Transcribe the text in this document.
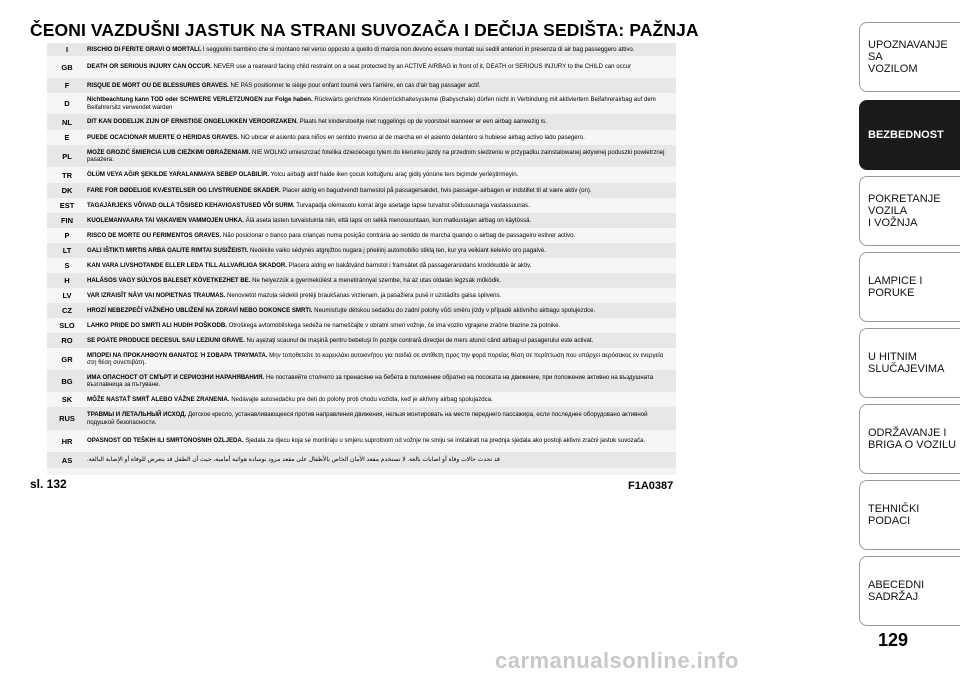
ČEONI VAZDUŠNI JASTUK NA STRANI SUVOZAČA I DEČIJA SEDIŠTA: PAŽNJA
I	RISCHIO DI FERITE GRAVI O MORTALI. I seggiolini bambino che si montano nel verso opposto a quello di marcia non devono essere montati sui sedili anteriori in presenza di air bag passeggero attivo.
GB	DEATH OR SERIOUS INJURY CAN OCCUR. NEVER use a rearward facing child restraint on a seat protected by an ACTIVE AIRBAG in front of it, DEATH or SERIOUS INJURY to the CHILD can occur
F	RISQUE DE MORT OU DE BLESSURES GRAVES. NE PAS positionner le siège pour enfant tourné vers l'arrière, en cas d'air bag passager actif.
D	Nichtbeachtung kann TOD oder SCHWERE VERLETZUNGEN zur Folge haben. Rückwärts gerichtete Kinderrückhaltesysteme (Babyschale) dürfen nicht in Verbindung mit aktiviertem Beifahrerairbag auf dem Beifahrersitz verwendet warden
NL	DIT KAN DODELIJK ZIJN OF ERNSTIGE ONGELUKKEN VEROORZAKEN. Plaats het kinderstoeltje niet ruggelings op de voorstoel wanneer er een airbag aanwezig is.
E	PUEDE OCACIONAR MUERTE O HERIDAS GRAVES. NO ubicar el asiento para niños en sentido inverso al de marcha en el asiento delantero si hubiese airbag activo lado pasegero.
PL	MOŻE GROZIĆ ŚMIERCIA LUB CIEŻKIMI OBRAŻENIAMI. NIE WOLNO umieszczać fotelika dzieciecego tylem do kierunku jazdy na przednim siedzeniu w przypadku zainstalowanej aktywnej poduszki powietrznej pasażera.
TR	ÖLÜM VEYA AĞIR ŞEKILDE YARALANMAYA SEBEP OLABILİR. Yolcu airbaği aktif halde iken çocuk koltuğunu araç gidiş yönüne ters biçimde yerleştirmeyin.
DK	FARE FOR DØDELIGE KVÆSTELSER OG LIVSTRUENDE SKADER. Placer aldrig en bagudvendt barnestol på passagersædet, hvis passager-airbagen er indstillet til at være aktiv (on).
EST	TAGAJÄRJEKS VÕIVAD OLLA TÕSISED KEHAVIGASTUSED VÕI SURM. Turvapadja olemasolu korral ärge asetage lapse turvatist sõidusuunaga vastassuunas.
FIN	KUOLEMANVAARA TAI VAKAVIEN VAMMOJEN UHKA. Älä aseta lasten turvaistuinta niin, että lapsi on selkä menosuuntaan, kun matkustajan airbag on käytössä.
P	RISCO DE MORTE OU FERIMENTOS GRAVES. Não posicionar o banco para crianças numa posição contrária ao sentido de marcha quando o airbag de passageiro estiver activo.
LT	GALI IŠTIKTI MIRTIS ARBA GALITE RIMTAI SUSIŽEISTI. Nedėkite vaiko sėdynės atgręžtos nugara į priekinį automobilio stiklą ten, kur yra veikiant keleivio oro pagalvė.
S	KAN VARA LIVSHOTANDE ELLER LEDA TILL ALLVARLIGA SKADOR. Placera aldrig en bakåtvänd barnstol i framsätet då passagerarsidans krockkudde är aktiv.
H	HALÁSOS VAGY SÚLYOS BALESET KÖVETKEZHET BE. Ne helyezzük a gyermekülést a menetiránnyal szembe, ha az utas oldalán légzsák működik.
LV	VAR IZRAISĪT NĀVI VAI NOPIETNAS TRAUMAS. Nenovietot mazuļa sēdekli pretēji braukšanas virzienam, ja pasažiera pusē ir uzstādīts gaisa spilvens.
CZ	HROZÍ NEBEZPEČÍ VÁŽNÉHO UBLIŽENÍ NA ZDRAVÍ NEBO DOKONCE SMRTI. Neumisťujte dětskou sedačku do zadní polohy vůči směru jízdy v případě aktivního airbagu spolujezdce.
SLO	LAHKO PRIDE DO SMRTI ALI HUDIH POŠKODB. Otroškega avtomobilskega sedeža ne nameščajte v obratni smeri vožnje, če ima vozilo vgrajene zračne blazine za potnike.
RO	SE POATE PRODUCE DECESUL SAU LEZIUNI GRAVE. Nu aşezaţi scaunul de maşină pentru bebeluşi în poziţie contrară direcţiei de mers atunci când airbag-ul pasagerului este activat.
GR	ΜΠΟΡΕΙ ΝΑ ΠΡΟΚΛΗΘΟΥΝ ΘΑΝΑΤΟΣ Ή ΣΟΒΑΡΑ ΤΡΑΥΜΑΤΑ. Μην τοποθετείτε το καρεκλάκι αυτοκινήτου για παιδιά σε αντίθετη προς την φορά πορείας θέση σε περίπτωση που υπάρχει αερόσακος εν ενεργεία στη θέση συνεπιβάτη.
BG	ИМА ОПАСНОСТ ОТ СМЪРТ И СЕРИОЗНИ НАРАНЯВАНИЯ. Не поставяйте столчето за пренасяне на бебета в положение обратно на посоката на движение, при положение активно на въздушната възглавница за пътуване.
SK	MÔŽE NASTAŤ SMRŤ ALEBO VÁŽNE ZRANENIA. Nedávajte autosedačku pre deti do polohy proti chodu vozidla, keď je aktívny airbag spolujazdca.
RUS	ТРАВМЫ И ЛЕТАЛЬНЫЙ ИСХОД. Детское кресло, устанавливающееся против направления движения, нельзя монтировать на месте переднего пассажира, если последнее оборудовано активной подушкой безопасности.
HR	OPASNOST OD TEŠKIH ILI SMRTONOSNIH OZLJEDA. Sjedala za djecu koja se montiraju u smjeru suprotnom od vožnje ne smiju se instalirati na prednja sjedala ako postoji aktivni zračni jastuk suvozača.
AS	قد تحدث حالات وفاة أو اصابات بالغة. لا تستخدم مقعد الأمان الخاص بالأطفال على مقعد مزود بوسادة هوائية أمامية، حيث أن الطفل قد يتعرض للوفاة أو الإصابة البالغة.
sl. 132	F1A0387
UPOZNAVANJE SA
VOZILOM
BEZBEDNOST
POKRETANJE VOZILA
I VOŽNJA
LAMPICE I PORUKE
U HITNIM
SLUČAJEVIMA
ODRŽAVANJE I
BRIGA O VOZILU
TEHNIČKI PODACI
ABECEDNI SADRŽAJ
129
carmanualsonline.info
